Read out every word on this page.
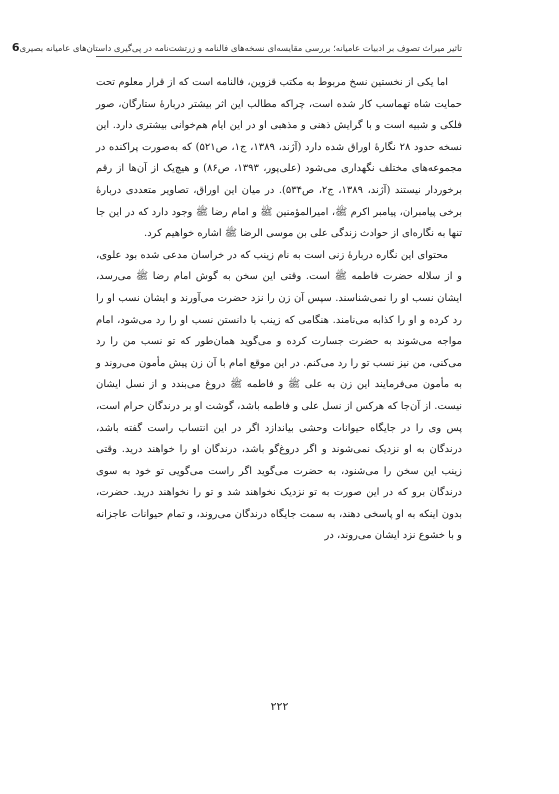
تاثیر میراث تصوف بر ادبیات عامیانه؛ بررسی مقایسه‌ای نسخه‌های فالنامه و زرتشت‌نامه در پی‌گیری داستان‌های عامیانه بصیری
6

اما یکی از نخستین نسخ مربوط به مکتب قزوین، فالنامه است که از قرار معلوم تحت حمایت شاه تهماسب کار شده است، چراکه مطالب این اثر بیشتر دربارهٔ ستارگان، صور فلکی و شبیه است و با گرایش ذهنی و مذهبی او در این ایام هم‌خوانی بیشتری دارد. این نسخه حدود ۲۸ نگارهٔ اوراق شده دارد (آژند، ۱۳۸۹، ج۱، ص۵۲۱) که به‌صورت پراکنده در مجموعه‌های مختلف نگهداری می‌شود (علی‌پور، ۱۳۹۳، ص۸۶) و هیچ‌یک از آن‌ها از رقم برخوردار نیستند (آژند، ۱۳۸۹، ج۲، ص۵۳۴). در میان این اوراق، تصاویر متعددی دربارهٔ برخی پیامبران، پیامبر اکرم ﷺ، امیرالمؤمنین ﷺ و امام رضا ﷺ وجود دارد که در این جا تنها به نگاره‌ای از حوادث زندگی علی بن موسی الرضا ﷺ اشاره خواهیم کرد.

محتوای این نگاره دربارهٔ زنی است به نام زینب که در خراسان مدعی شده بود علوی، و از سلاله حضرت فاطمه ﷺ است. وقتی این سخن به گوش امام رضا ﷺ می‌رسد، ایشان نسب او را نمی‌شناسند. سپس آن زن را نزد حضرت می‌آورند و ایشان نسب او را رد کرده و او را کذابه می‌نامند. هنگامی که زینب با دانستن نسب او را رد می‌شود، امام مواجه می‌شوند به حضرت جسارت کرده و می‌گوید همان‌طور که تو نسب من را رد می‌کنی، من نیز نسب تو را رد می‌کنم. در این موقع امام با آن زن پیش مأمون می‌روند و به مأمون می‌فرمایند این زن به علی ﷺ و فاطمه ﷺ دروغ می‌بندد و از نسل ایشان نیست. از آن‌جا که هرکس از نسل علی و فاطمه باشد، گوشت او بر درندگان حرام است، پس وی را در جایگاه حیوانات وحشی بیاندازد اگر در این انتساب راست گفته باشد، درندگان به او نزدیک نمی‌شوند و اگر دروغ‌گو باشد، درندگان او را خواهند درید. وقتی زینب این سخن را می‌شنود، به حضرت می‌گوید اگر راست می‌گویی تو خود به سوی درندگان برو که در این صورت به تو نزدیک نخواهند شد و تو را نخواهند درید. حضرت، بدون اینکه به او پاسخی دهند، به سمت جایگاه درندگان می‌روند، و تمام حیوانات عاجزانه و با خشوع نزد ایشان می‌روند، در

۲۲۲
